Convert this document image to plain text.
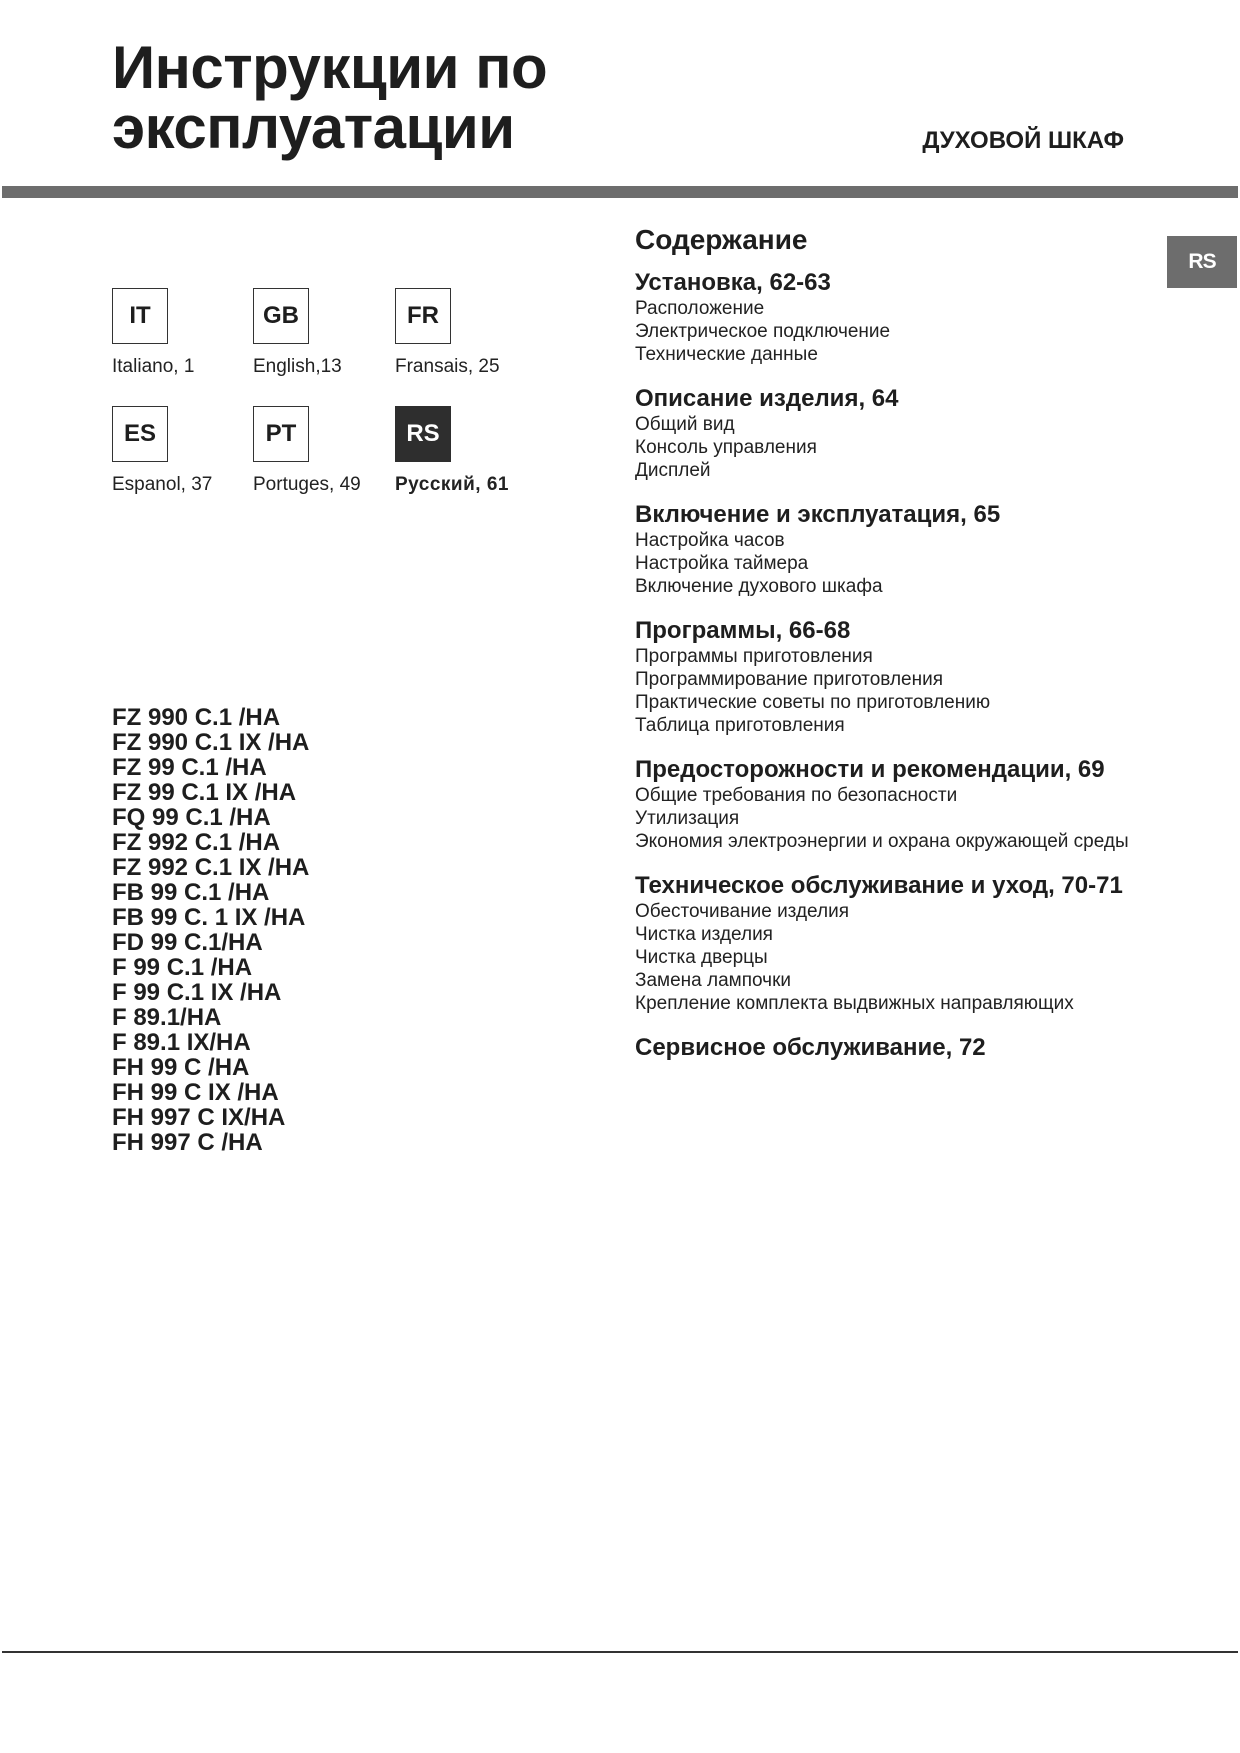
Инструкции по
эксплуатации	ДУХОВОЙ ШКАФ
RS
IT
Italiano, 1
GB
English,13
FR
Fransais, 25
ES
Espanol, 37
PT
Portuges, 49
RS
Русский, 61
FZ 990 C.1 /HA
FZ 990 C.1 IX /HA
FZ 99 C.1 /HA
FZ 99 C.1 IX /HA
FQ 99 C.1 /HA
FZ 992 C.1 /HA
FZ 992 C.1 IX /HA
FB 99 C.1 /HA
FB 99 C. 1 IX /HA
FD 99 C.1/HA
F 99 C.1 /HA
F 99 C.1 IX /HA
F 89.1/HA
F 89.1 IX/HA
FH 99 C /HA
FH 99 C IX /HA
FH 997 C IX/HA
FH 997 C /HA
Содержание
Установка, 62-63
Расположение
Электрическое подключение
Технические данные
Описание изделия, 64
Общий вид
Консоль управления
Дисплей
Включение и эксплуатация, 65
Настройка часов
Настройка таймера
Включение духового шкафа
Программы, 66-68
Программы приготовления
Программирование приготовления
Практические советы по приготовлению
Таблица приготовления
Предосторожности и рекомендации, 69
Общие требования по безопасности
Утилизация
Экономия электроэнергии и охрана окружающей среды
Техническое обслуживание и уход, 70-71
Обесточивание изделия
Чистка изделия
Чистка дверцы
Замена лампочки
Крепление комплекта выдвижных направляющих
Сервисное обслуживание, 72
